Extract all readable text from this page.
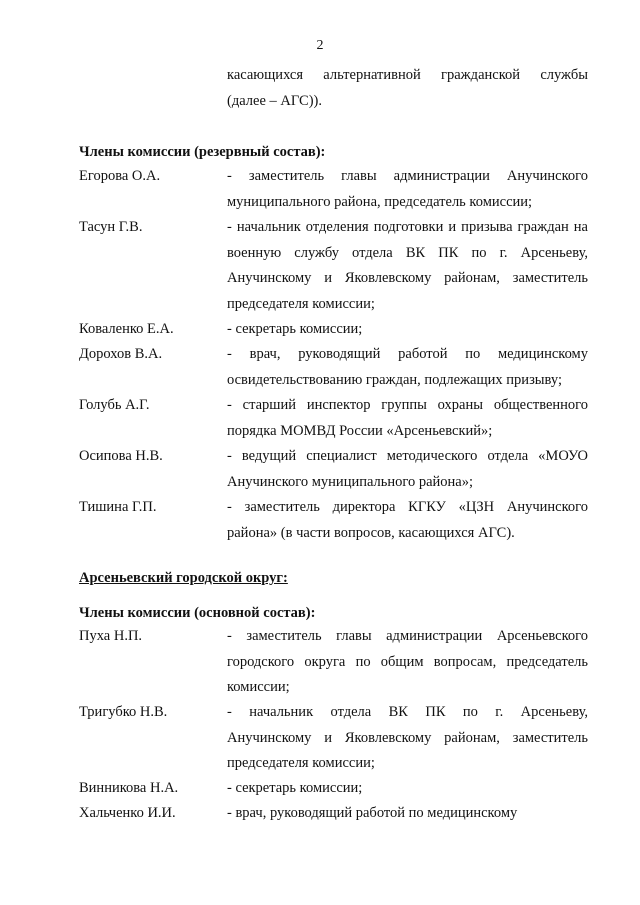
2
касающихся альтернативной гражданской службы
(далее – АГС)).
Члены комиссии (резервный состав):
Егорова О.А.	- заместитель главы администрации Анучинского
муниципального района, председатель комиссии;
Тасун Г.В.	- начальник отделения подготовки и призыва граждан на
военную службу отдела ВК ПК по г. Арсеньеву,
Анучинскому и Яковлевскому районам, заместитель
председателя комиссии;
Коваленко Е.А.	- секретарь комиссии;
Дорохов В.А.	- врач, руководящий работой по медицинскому
освидетельствованию граждан, подлежащих призыву;
Голубь А.Г.	- старший инспектор группы охраны общественного
порядка МОМВД России «Арсеньевский»;
Осипова Н.В.	- ведущий специалист методического отдела «МОУО
Анучинского муниципального района»;
Тишина Г.П.	- заместитель директора КГКУ «ЦЗН Анучинского
района» (в части вопросов, касающихся АГС).
Арсеньевский городской округ:
Члены комиссии (основной состав):
Пуха Н.П.	- заместитель главы администрации Арсеньевского
городского округа по общим вопросам, председатель
комиссии;
Тригубко Н.В.	- начальник отдела ВК ПК по г. Арсеньеву,
Анучинскому и Яковлевскому районам, заместитель
председателя комиссии;
Винникова Н.А.	- секретарь комиссии;
Хальченко И.И.	- врач, руководящий работой по медицинскому
